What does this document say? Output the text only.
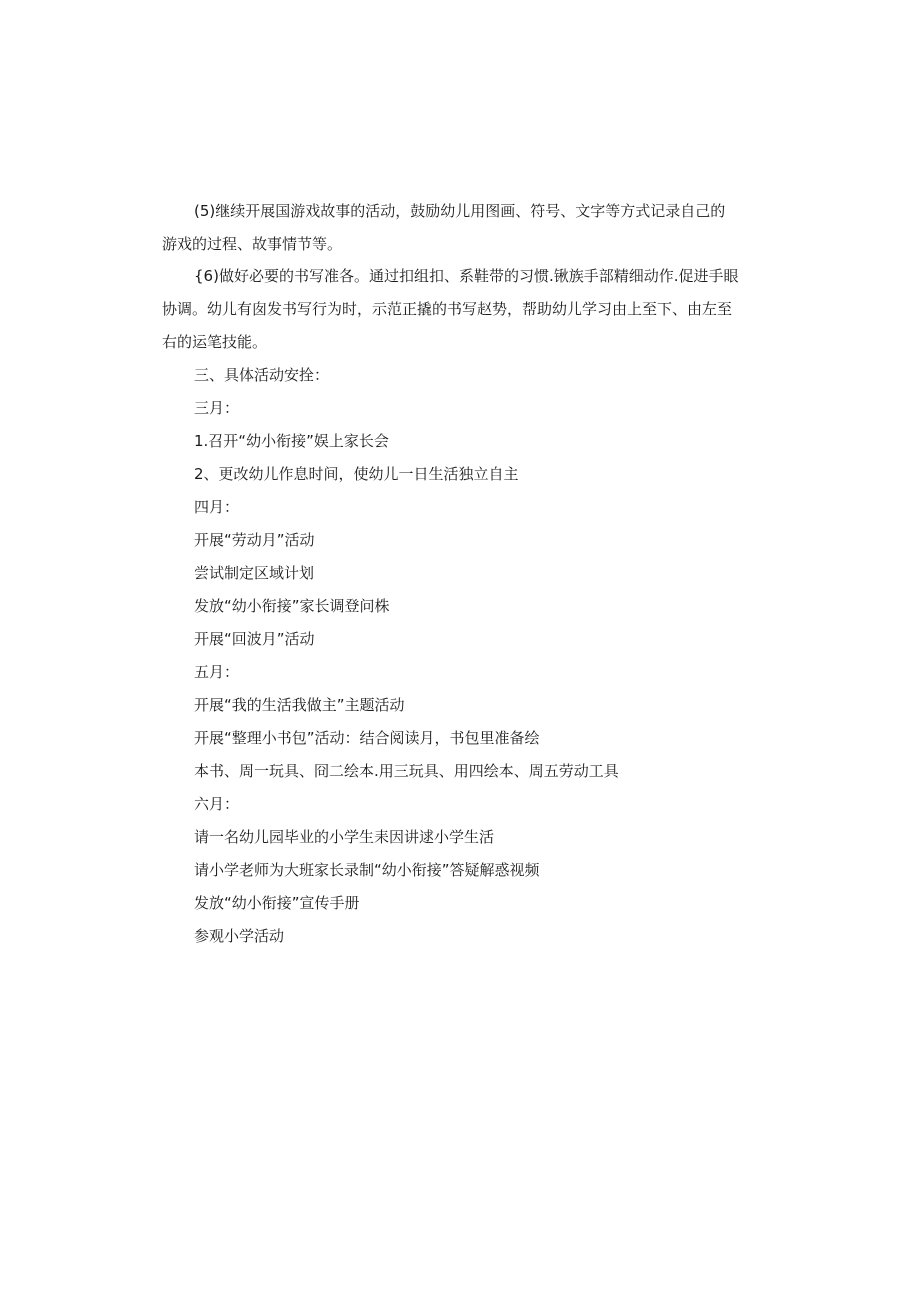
(5)继续开展国游戏故事的活动，鼓励幼儿用图画、符号、文字等方式记录自己的
游戏的过程、故事情节等。
{6)做好必要的书写准各。通过扣组扣、系鞋带的习惯.锹族手部精细动作.促进手眼
协调。幼儿有囱发书写行为时，示范正撬的书写赵势，帮助幼儿学习由上至下、由左至
右的运笔技能。
三、具体活动安拴：
三月：
1.召开“幼小衔接”娱上家长会
2、更改幼儿作息时间，使幼儿一日生活独立自主
四月：
开展“劳动月”活动
尝试制定区域计划
发放“幼小衔接”家长调登问株
开展“回波月”活动
五月：
开展“我的生活我做主”主题活动
开展“整理小书包”活动：结合阅读月，书包里准备绘
本书、周一玩具、冏二绘本.用三玩具、用四绘本、周五劳动工具
六月：
请一名幼儿园毕业的小学生耒因讲逑小学生活
请小学老师为大班家长录制“幼小衔接”答疑解惑视频
发放“幼小衔接”宣传手册
参观小学活动
